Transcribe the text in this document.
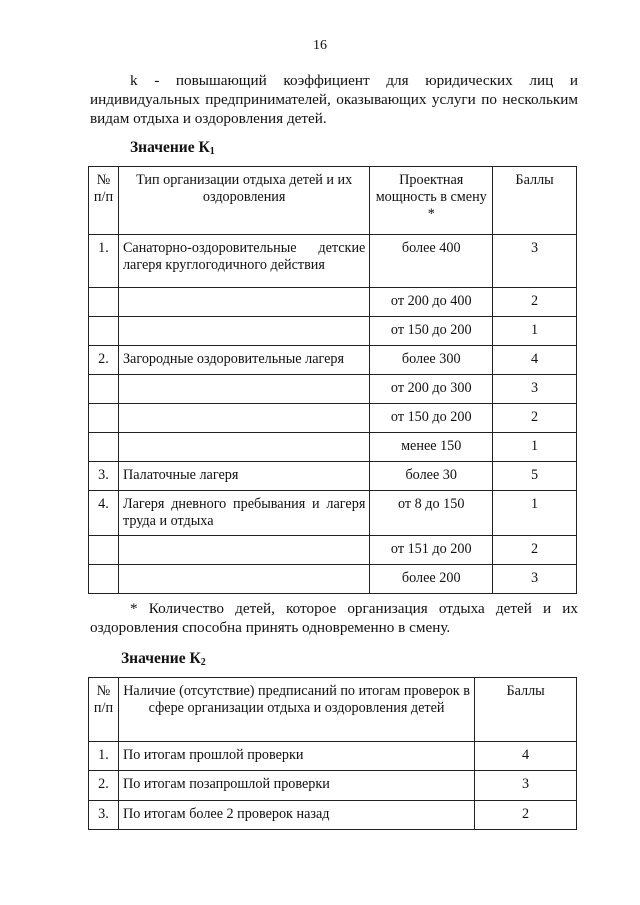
16

k - повышающий коэффициент для юридических лиц и индивидуальных предпринимателей, оказывающих услуги по нескольким видам отдыха и оздоровления детей.

Значение $К_1$
№ п/п	Тип организации отдыха детей и их оздоровления	Проектная мощность в смену *	Баллы
1.	Санаторно-оздоровительные детские лагеря круглогодичного действия	более 400	3
		от 200 до 400	2
		от 150 до 200	1
2.	Загородные оздоровительные лагеря	более 300	4
		от 200 до 300	3
		от 150 до 200	2
		менее 150	1
3.	Палаточные лагеря	более 30	5
4.	Лагеря дневного пребывания и лагеря труда и отдыха	от 8 до 150	1
		от 151 до 200	2
		более 200	3

* Количество детей, которое организация отдыха детей и их оздоровления способна принять одновременно в смену.

Значение $К_2$
№ п/п	Наличие (отсутствие) предписаний по итогам проверок в сфере организации отдыха и оздоровления детей	Баллы
1.	По итогам прошлой проверки	4
2.	По итогам позапрошлой проверки	3
3.	По итогам более 2 проверок назад	2
